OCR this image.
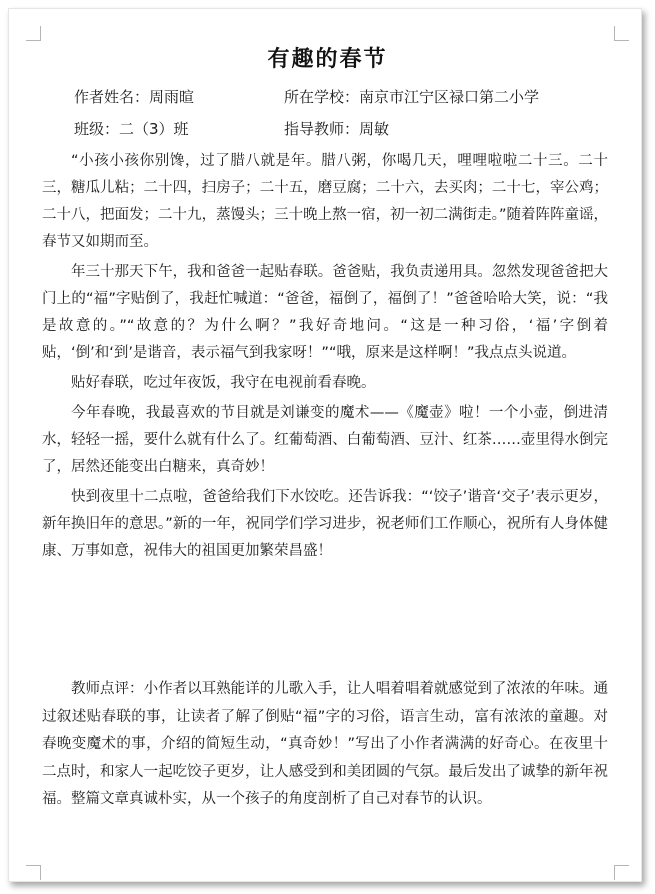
有趣的春节
作者姓名：周雨暄	所在学校：南京市江宁区禄口第二小学
班级：二（3）班	指导教师：周敏

“小孩小孩你别馋，过了腊八就是年。腊八粥，你喝几天，哩哩啦啦二十三。二十三，糖瓜儿粘；二十四，扫房子；二十五，磨豆腐；二十六，去买肉；二十七，宰公鸡；二十八，把面发；二十九，蒸馒头；三十晚上熬一宿，初一初二满街走。”随着阵阵童谣，春节又如期而至。

年三十那天下午，我和爸爸一起贴春联。爸爸贴，我负责递用具。忽然发现爸爸把大门上的“福”字贴倒了，我赶忙喊道：“爸爸，福倒了，福倒了！”爸爸哈哈大笑，说：“我是故意的。”“故意的？为什么啊？”我好奇地问。“这是一种习俗，‘福’字倒着贴，‘倒’和‘到’是谐音，表示福气到我家呀！”“哦，原来是这样啊！”我点点头说道。

贴好春联，吃过年夜饭，我守在电视前看春晚。

今年春晚，我最喜欢的节目就是刘谦变的魔术——《魔壶》啦！一个小壶，倒进清水，轻轻一摇，要什么就有什么了。红葡萄酒、白葡萄酒、豆汁、红茶……壶里得水倒完了，居然还能变出白糖来，真奇妙！

快到夜里十二点啦，爸爸给我们下水饺吃。还告诉我：“‘饺子’谐音‘交子’表示更岁，新年换旧年的意思。”新的一年，祝同学们学习进步，祝老师们工作顺心，祝所有人身体健康、万事如意，祝伟大的祖国更加繁荣昌盛！

教师点评：小作者以耳熟能详的儿歌入手，让人唱着唱着就感觉到了浓浓的年味。通过叙述贴春联的事，让读者了解了倒贴“福”字的习俗，语言生动，富有浓浓的童趣。对春晚变魔术的事，介绍的简短生动，“真奇妙！”写出了小作者满满的好奇心。在夜里十二点时，和家人一起吃饺子更岁，让人感受到和美团圆的气氛。最后发出了诚挚的新年祝福。整篇文章真诚朴实，从一个孩子的角度剖析了自己对春节的认识。
